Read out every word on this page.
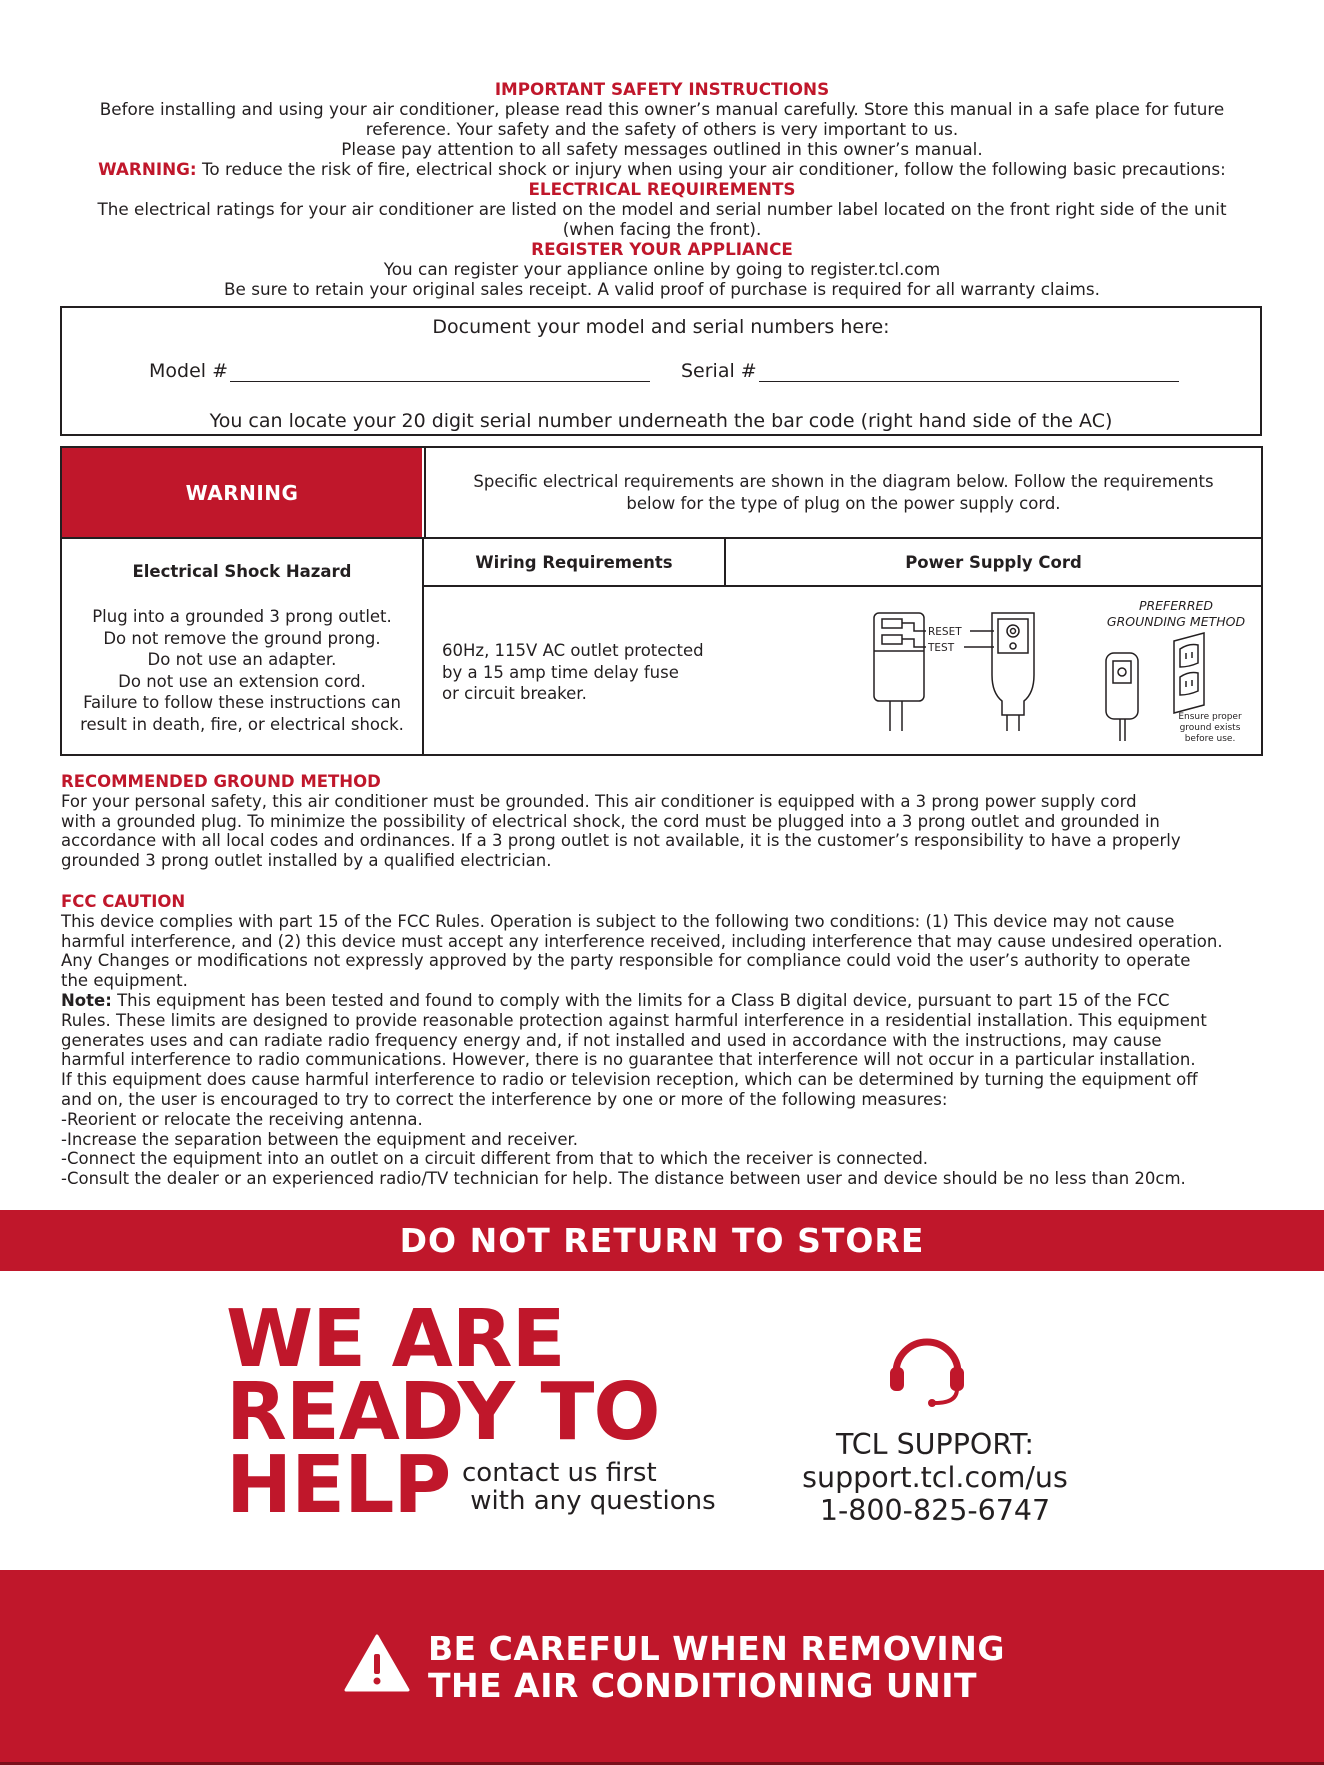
IMPORTANT SAFETY INSTRUCTIONS
Before installing and using your air conditioner, please read this owner’s manual carefully. Store this manual in a safe place for future
reference. Your safety and the safety of others is very important to us.
Please pay attention to all safety messages outlined in this owner’s manual.
WARNING: To reduce the risk of fire, electrical shock or injury when using your air conditioner, follow the following basic precautions:
ELECTRICAL REQUIREMENTS
The electrical ratings for your air conditioner are listed on the model and serial number label located on the front right side of the unit
(when facing the front).
REGISTER YOUR APPLIANCE
You can register your appliance online by going to register.tcl.com
Be sure to retain your original sales receipt. A valid proof of purchase is required for all warranty claims.
Document your model and serial numbers here:
Model #	Serial #
You can locate your 20 digit serial number underneath the bar code (right hand side of the AC)
WARNING	Specific electrical requirements are shown in the diagram below. Follow the requirements
below for the type of plug on the power supply cord.
Electrical Shock Hazard
Plug into a grounded 3 prong outlet.
Do not remove the ground prong.
Do not use an adapter.
Do not use an extension cord.
Failure to follow these instructions can
result in death, fire, or electrical shock.
Wiring Requirements	Power Supply Cord
60Hz, 115V AC outlet protected
by a 15 amp time delay fuse
or circuit breaker.
RESET
TEST
PREFERRED
GROUNDING METHOD
Ensure proper
ground exists
before use.
RECOMMENDED GROUND METHOD
For your personal safety, this air conditioner must be grounded. This air conditioner is equipped with a 3 prong power supply cord
with a grounded plug. To minimize the possibility of electrical shock, the cord must be plugged into a 3 prong outlet and grounded in
accordance with all local codes and ordinances. If a 3 prong outlet is not available, it is the customer’s responsibility to have a properly
grounded 3 prong outlet installed by a qualified electrician.
FCC CAUTION
This device complies with part 15 of the FCC Rules. Operation is subject to the following two conditions: (1) This device may not cause
harmful interference, and (2) this device must accept any interference received, including interference that may cause undesired operation.
Any Changes or modifications not expressly approved by the party responsible for compliance could void the user’s authority to operate
the equipment.
Note: This equipment has been tested and found to comply with the limits for a Class B digital device, pursuant to part 15 of the FCC
Rules. These limits are designed to provide reasonable protection against harmful interference in a residential installation. This equipment
generates uses and can radiate radio frequency energy and, if not installed and used in accordance with the instructions, may cause
harmful interference to radio communications. However, there is no guarantee that interference will not occur in a particular installation.
If this equipment does cause harmful interference to radio or television reception, which can be determined by turning the equipment off
and on, the user is encouraged to try to correct the interference by one or more of the following measures:
-Reorient or relocate the receiving antenna.
-Increase the separation between the equipment and receiver.
-Connect the equipment into an outlet on a circuit different from that to which the receiver is connected.
-Consult the dealer or an experienced radio/TV technician for help. The distance between user and device should be no less than 20cm.
DO NOT RETURN TO STORE
WE ARE
READY TO
HELP contact us first
with any questions
TCL SUPPORT:
support.tcl.com/us
1-800-825-6747
BE CAREFUL WHEN REMOVING
THE AIR CONDITIONING UNIT
